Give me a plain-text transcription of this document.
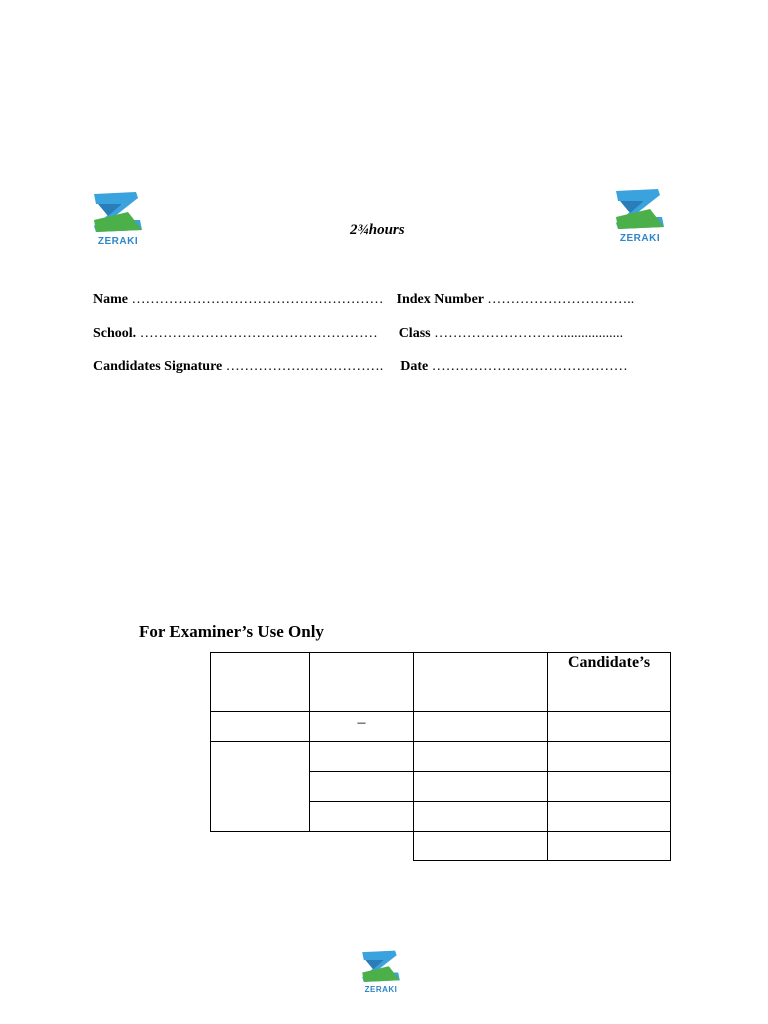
ZERAKI	ZERAKI
ZERAKI
2¾hours
Name ……………………………………………… Index Number …………………………..
School. …………………………………………… Class ………………………..................
Candidates Signature ……………………………. Date ……………………………………
For Examiner’s Use Only
Candidate’s
–
